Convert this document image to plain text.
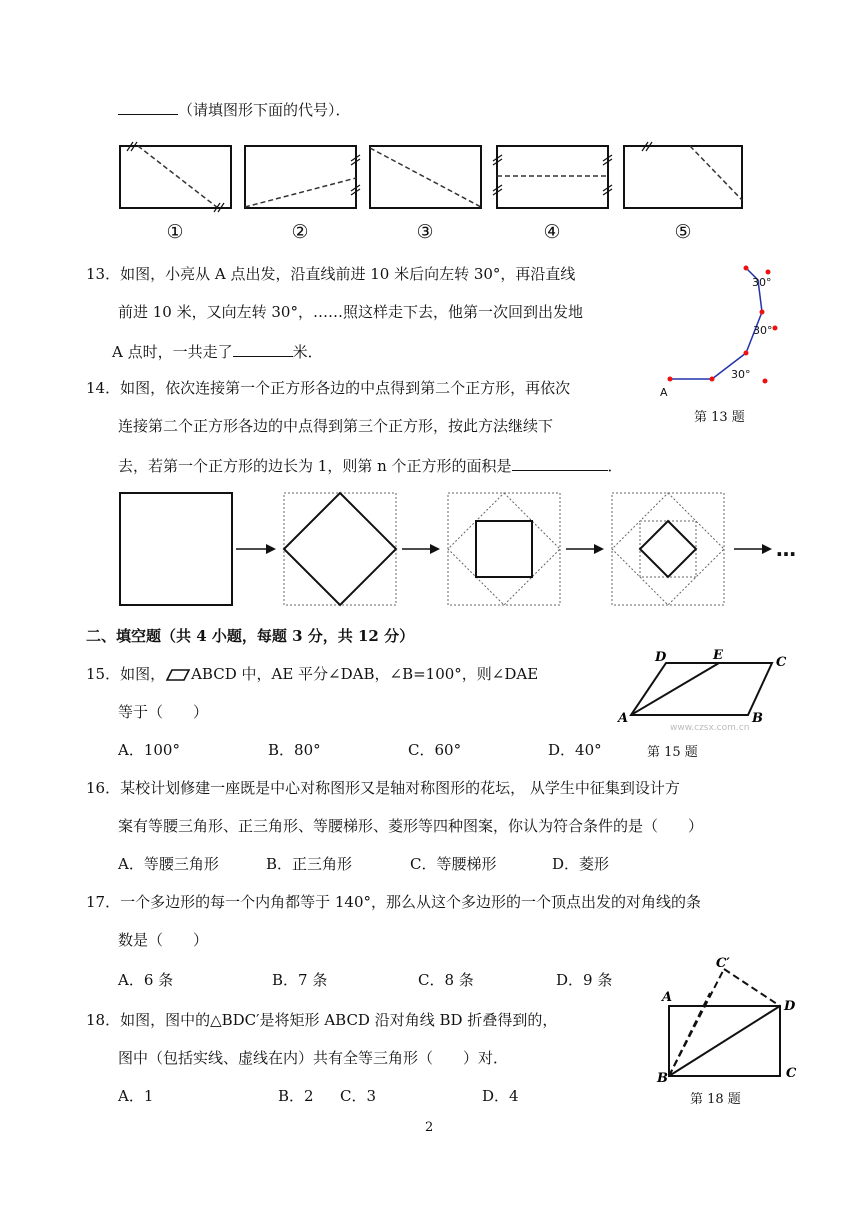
（请填图形下面的代号）．
①	②	③	④	⑤
13．如图，小亮从 A 点出发，沿直线前进 10 米后向左转 30°，再沿直线
前进 10 米，又向左转 30°，……照这样走下去，他第一次回到出发地
A 点时，一共走了	米．
A
30°
30°
30°
第 13 题
14．如图，依次连接第一个正方形各边的中点得到第二个正方形，再依次
连接第二个正方形各边的中点得到第三个正方形，按此方法继续下
去，若第一个正方形的边长为 1，则第 n 个正方形的面积是	．
…
二、填空题（共 4 小题，每题 3 分，共 12 分）
15．如图， ABCD 中，AE 平分∠DAB，∠B=100°，则∠DAE
等于（　　）
A．100°	B．80°	C．60°	D．40°
www.czsx.com.cn
D	E	C
A	B
第 15 题
16．某校计划修建一座既是中心对称图形又是轴对称图形的花坛， 从学生中征集到设计方
案有等腰三角形、正三角形、等腰梯形、菱形等四种图案，你认为符合条件的是（　　）
A．等腰三角形	B．正三角形	C．等腰梯形	D．菱形
17．一个多边形的每一个内角都等于 140°，那么从这个多边形的一个顶点出发的对角线的条
数是（　　）
A．6 条	B．7 条	C．8 条	D．9 条
18．如图，图中的△BDC′是将矩形 ABCD 沿对角线 BD 折叠得到的，
图中（包括实线、虚线在内）共有全等三角形（　　）对．
A．1	B．2 C．3	D．4
C′
A
D
B	C
第 18 题
2
